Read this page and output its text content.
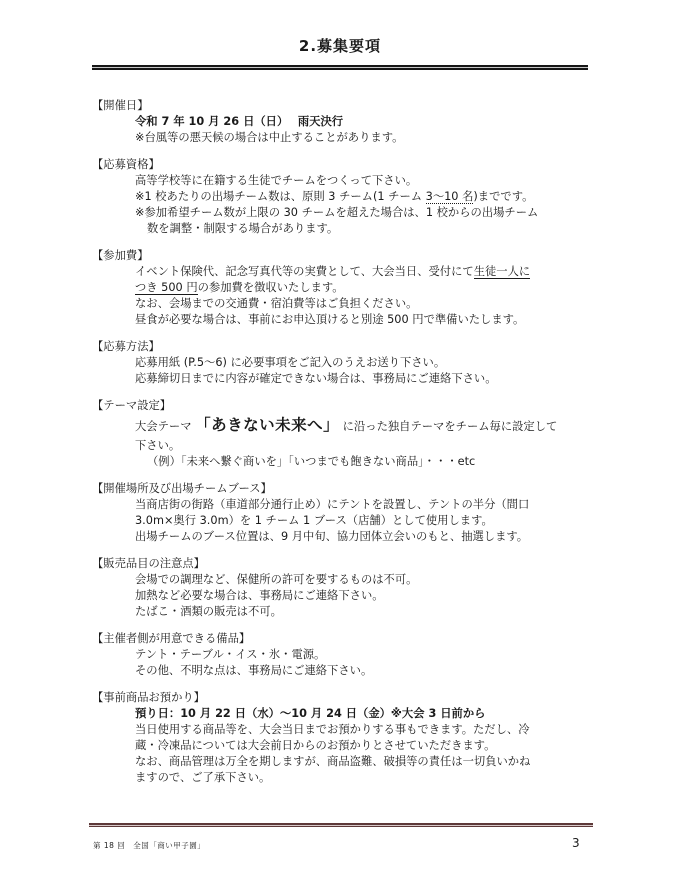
2.募集要項
【開催日】
令和 7 年 10 月 26 日（日）　 雨天決行
※台風等の悪天候の場合は中止することがあります。
【応募資格】
高等学校等に在籍する生徒でチームをつくって下さい。
※1 校あたりの出場チーム数は、原則 3 チーム(1 チーム 3～10 名)までです。
※参加希望チーム数が上限の 30 チームを超えた場合は、1 校からの出場チーム
数を調整・制限する場合があります。
【参加費】
イベント保険代、記念写真代等の実費として、大会当日、受付にて生徒一人に
つき 500 円の参加費を徴収いたします。
なお、会場までの交通費・宿泊費等はご負担ください。
昼食が必要な場合は、事前にお申込頂けると別途 500 円で準備いたします。
【応募方法】
応募用紙 (P.5～6) に必要事項をご記入のうえお送り下さい。
応募締切日までに内容が確定できない場合は、事務局にご連絡下さい。
【テーマ設定】
大会テーマ 「あきない未来へ」 に沿った独自テーマをチーム毎に設定して
下さい。
（例）「未来へ繋ぐ商いを」「いつまでも飽きない商品」・・・etc
【開催場所及び出場チームブース】
当商店街の街路（車道部分通行止め）にテントを設置し、テントの半分（間口
3.0m×奥行 3.0m）を 1 チーム 1 ブース（店舗）として使用します。
出場チームのブース位置は、9 月中旬、協力団体立会いのもと、抽選します。
【販売品目の注意点】
会場での調理など、保健所の許可を要するものは不可。
加熱など必要な場合は、事務局にご連絡下さい。
たばこ・酒類の販売は不可。
【主催者側が用意できる備品】
テント・テーブル・イス・氷・電源。
その他、不明な点は、事務局にご連絡下さい。
【事前商品お預かり】
預り日：10 月 22 日（水）～10 月 24 日（金）※大会 3 日前から
当日使用する商品等を、大会当日までお預かりする事もできます。ただし、冷
蔵・冷凍品については大会前日からのお預かりとさせていただきます。
なお、商品管理は万全を期しますが、商品盗難、破損等の責任は一切負いかね
ますので、ご了承下さい。
第 18 回　全国「商い甲子園」	3
